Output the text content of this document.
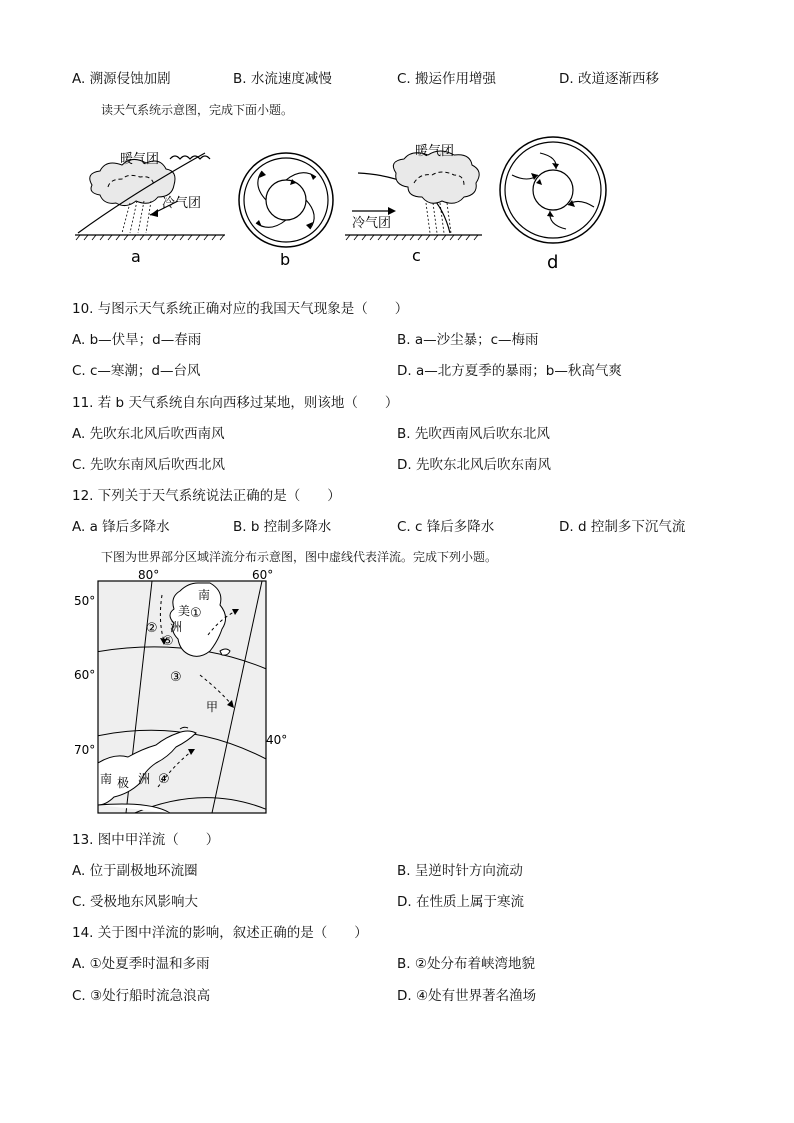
A. 溯源侵蚀加剧	B. 水流速度减慢	C. 搬运作用增强	D. 改道逐渐西移
读天气系统示意图，完成下面小题。
暖气团
冷气团
a	b
暖气团
冷气团
c	d
10. 与图示天气系统正确对应的我国天气现象是（　　）
A. b—伏旱；d—春雨	B. a—沙尘暴；c—梅雨
C. c—寒潮；d—台风	D. a—北方夏季的暴雨；b—秋高气爽
11. 若 b 天气系统自东向西移过某地，则该地（　　）
A. 先吹东北风后吹西南风	B. 先吹西南风后吹东北风
C. 先吹东南风后吹西北风	D. 先吹东北风后吹东南风
12. 下列关于天气系统说法正确的是（　　）
A. a 锋后多降水	B. b 控制多降水	C. c 锋后多降水	D. d 控制多下沉气流
下图为世界部分区域洋流分布示意图，图中虚线代表洋流。完成下列小题。
80°	60°
40°
50°
60°
70°
南
美
洲
南 极 洲
甲
①
②
③
④
⑤
13. 图中甲洋流（　　）
A. 位于副极地环流圈	B. 呈逆时针方向流动
C. 受极地东风影响大	D. 在性质上属于寒流
14. 关于图中洋流的影响，叙述正确的是（　　）
A. ①处夏季时温和多雨	B. ②处分布着峡湾地貌
C. ③处行船时流急浪高	D. ④处有世界著名渔场
